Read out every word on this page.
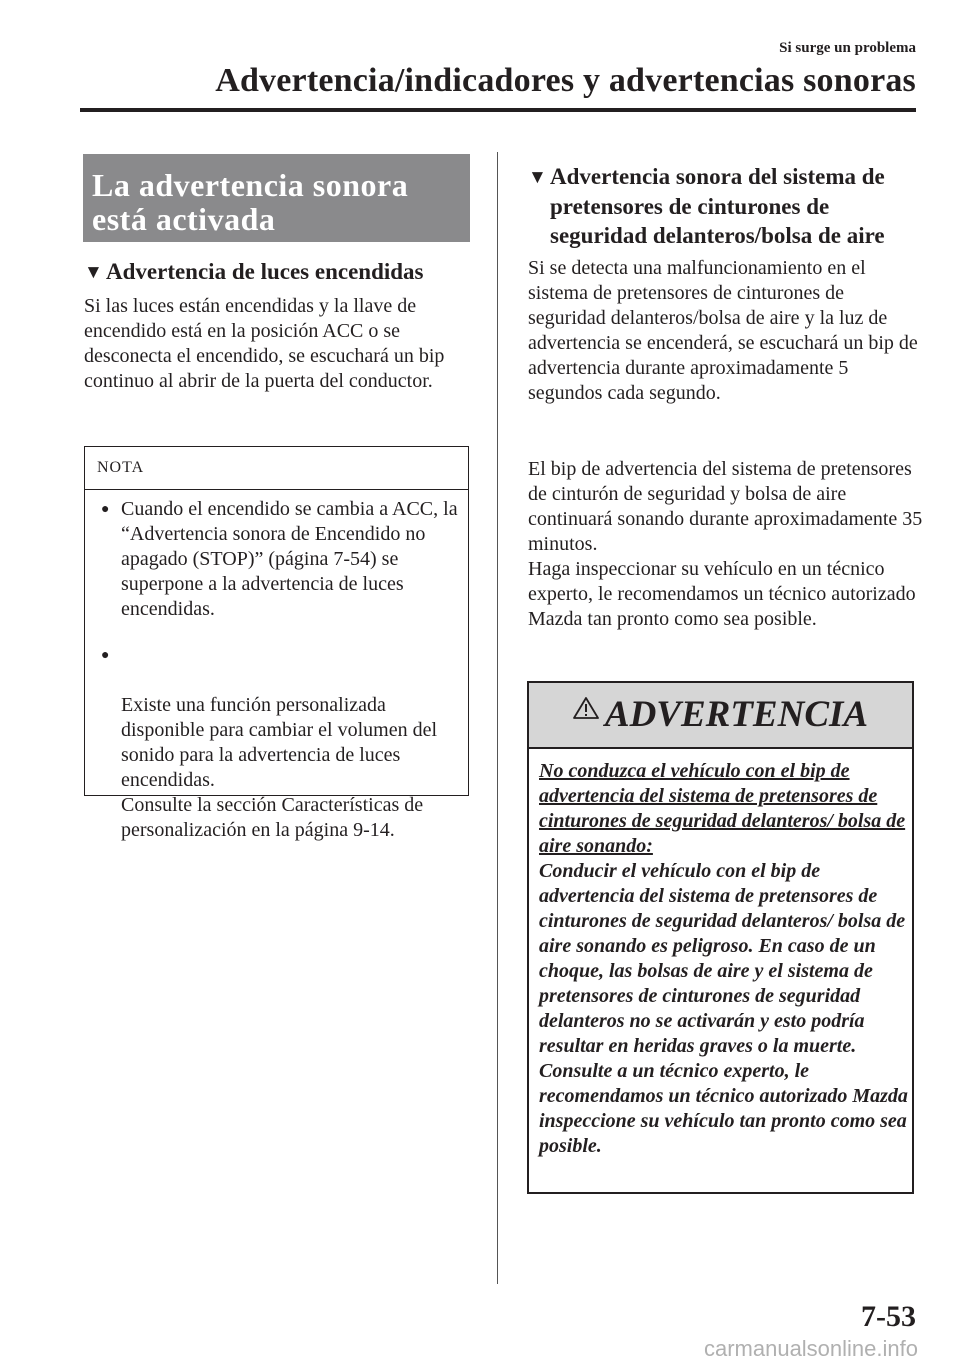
Si surge un problema
Advertencia/indicadores y advertencias sonoras
La advertencia sonora está activada
▼ Advertencia de luces encendidas
Si las luces están encendidas y la llave de encendido está en la posición ACC o se desconecta el encendido, se escuchará un bip continuo al abrir de la puerta del conductor.
NOTA
● Cuando el encendido se cambia a ACC, la “Advertencia sonora de Encendido no apagado (STOP)” (página 7-54) se superpone a la advertencia de luces encendidas.

●

Existe una función personalizada disponible para cambiar el volumen del sonido para la advertencia de luces encendidas.
Consulte la sección Características de personalización en la página 9-14.

▼ Advertencia sonora del sistema de
pretensores de cinturones de
seguridad delanteros/bolsa de aire
Si se detecta una malfuncionamiento en el sistema de pretensores de cinturones de seguridad delanteros/bolsa de aire y la luz de advertencia se encenderá, se escuchará un bip de advertencia durante aproximadamente 5 segundos cada segundo.
El bip de advertencia del sistema de pretensores de cinturón de seguridad y bolsa de aire continuará sonando durante aproximadamente 35 minutos.
Haga inspeccionar su vehículo en un técnico experto, le recomendamos un técnico autorizado Mazda tan pronto como sea posible.
ADVERTENCIA
No conduzca el vehículo con el bip de advertencia del sistema de pretensores de cinturones de seguridad delanteros/ bolsa de aire sonando:
Conducir el vehículo con el bip de advertencia del sistema de pretensores de cinturones de seguridad delanteros/ bolsa de aire sonando es peligroso. En caso de un choque, las bolsas de aire y el sistema de pretensores de cinturones de seguridad delanteros no se activarán y esto podría resultar en heridas graves o la muerte.
Consulte a un técnico experto, le recomendamos un técnico autorizado Mazda inspeccione su vehículo tan pronto como sea posible.
7-53
carmanualsonline.info
